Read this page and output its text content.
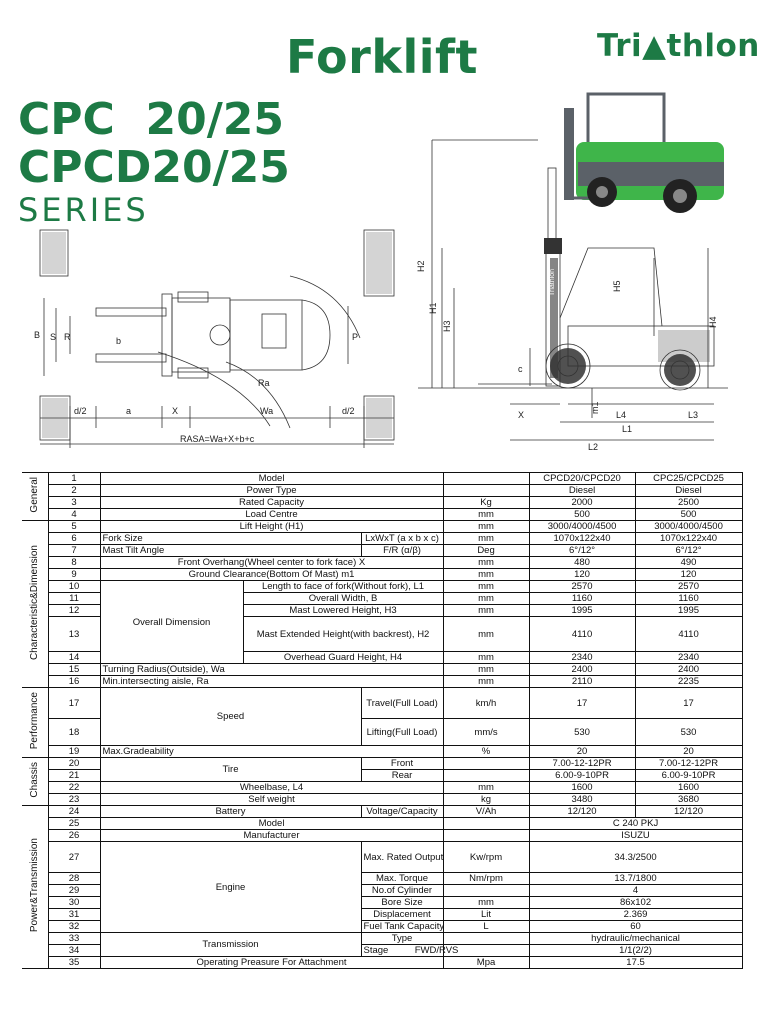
Tri▲thlon
Forklift
CPC  20/25
CPCD20/25
SERIES
B S R	b
d/2	a	X	Wa	d/2
RASA=Wa+X+b+c
P
Ra
Triathlon
H2
H1
H3
H5
H4
c
X
m1
L4	L3
L1
L2
General	1	Model				CPCD20/CPCD20	CPC25/CPCD25
	2	Power Type				Diesel	Diesel
	3	Rated Capacity			Kg	2000	2500
	4	Load Centre			mm	500	500
Characteristic&Dimension	5	Lift Height (H1)			mm	3000/4000/4500	3000/4000/4500
	6	Fork Size		LxWxT (a x b x c)	mm	1070x122x40	1070x122x40
	7	Mast Tilt Angle		F/R (α/β)	Deg	6°/12°	6°/12°
	8	Front Overhang(Wheel center to fork face) X			mm	480	490
	9	Ground Clearance(Bottom Of Mast) m1			mm	120	120
	10	Overall Dimension	Length to face of fork(Without fork), L1		mm	2570	2570
	11		Overall Width, B		mm	1160	1160
	12		Mast Lowered Height, H3		mm	1995	1995
	13		Mast Extended Height(with backrest), H2		mm	4110	4110
	14		Overhead Guard Height, H4		mm	2340	2340
	15	Turning Radius(Outside), Wa			mm	2400	2400
	16	Min.intersecting aisle, Ra			mm	2110	2235
Performance	17	Speed		Travel(Full Load)	km/h	17	17
	18			Lifting(Full Load)	mm/s	530	530
	19	Max.Gradeability			%	20	20
Chassis	20	Tire		Front		7.00-12-12PR	7.00-12-12PR
	21			Rear		6.00-9-10PR	6.00-9-10PR
	22	Wheelbase, L4			mm	1600	1600
	23	Self weight			kg	3480	3680
Power&Transmission	24	Battery		Voltage/Capacity	V/Ah	12/120	12/120
	25	Model				C 240 PKJ	
	26	Manufacturer				ISUZU	
	27	Engine		Max. Rated Output	Kw/rpm	34.3/2500	
	28			Max. Torque	Nm/rpm	13.7/1800	
	29			No.of Cylinder		4	
	30			Bore Size	mm	86x102	
	31			Displacement	Lit	2.369	
	32			Fuel Tank Capacity	L	60	
	33	Transmission		Type		hydraulic/mechanical	
	34			Stage          FWD/RVS		1/1(2/2)	
	35	Operating Preasure For Attachment			Mpa	17.5	
